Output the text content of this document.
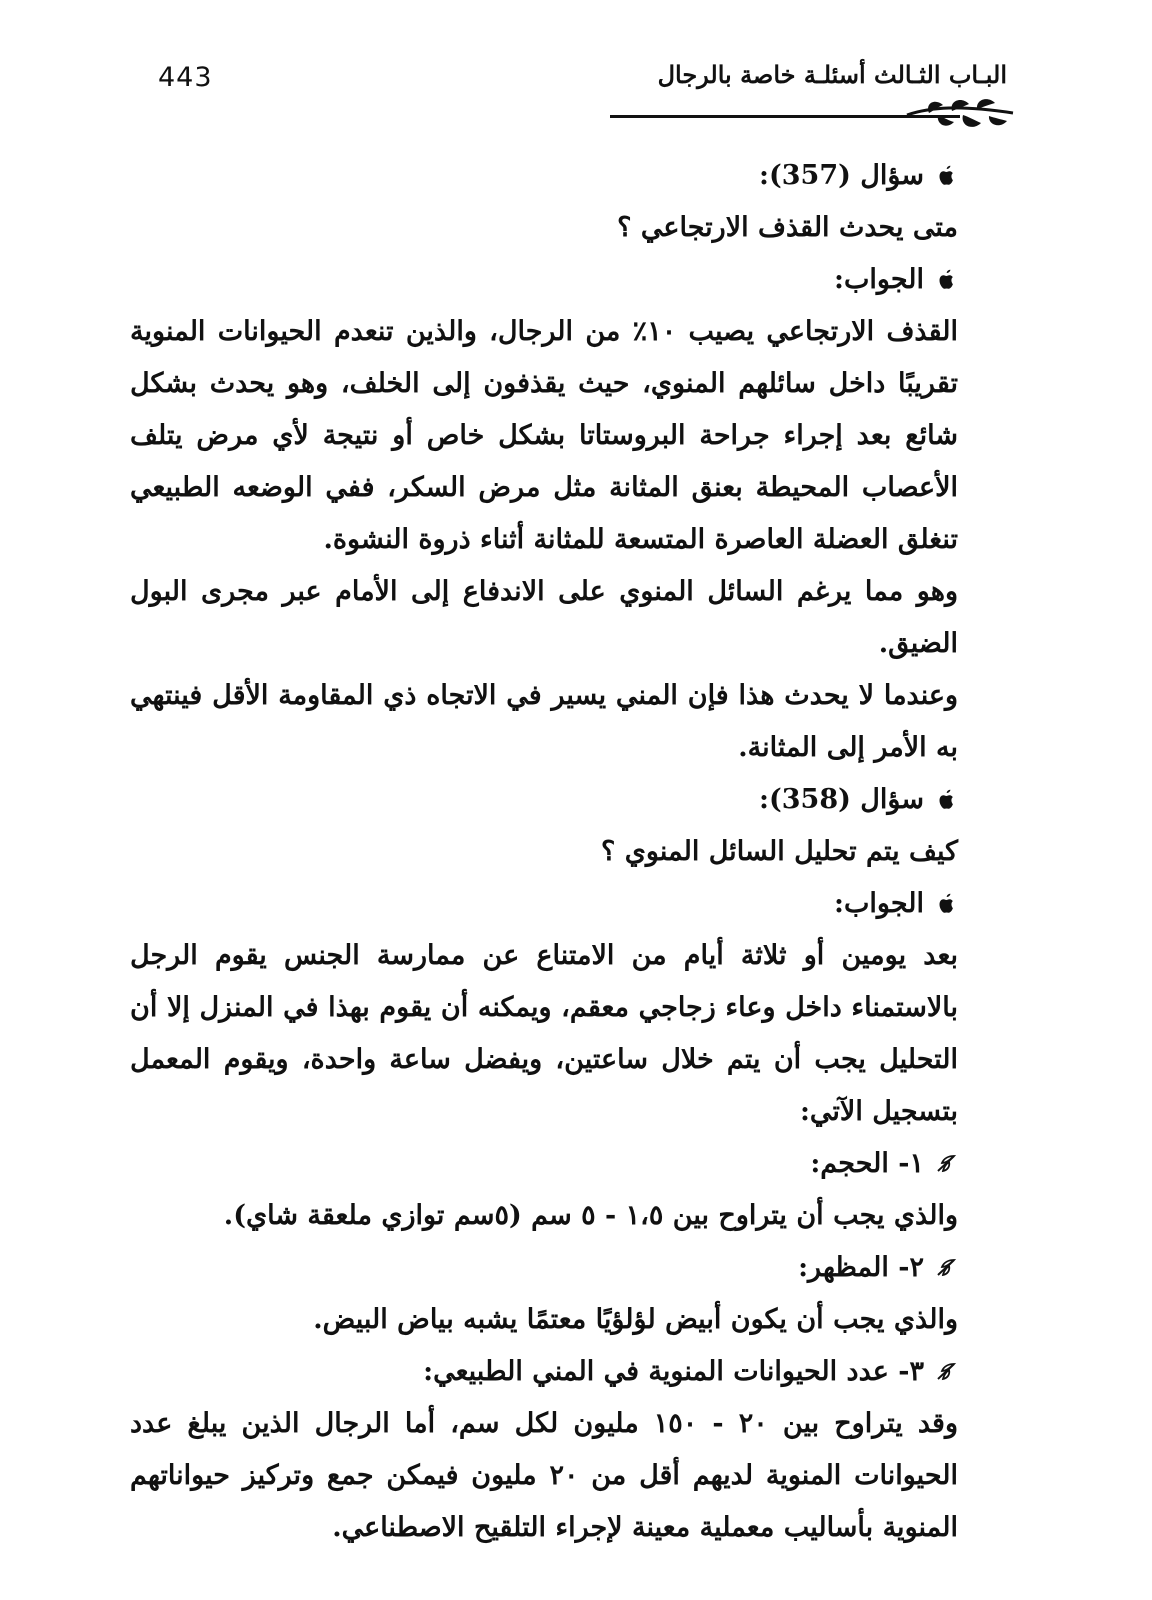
443	البـاب الثـالث أسئلـة خاصة بالرجال
سؤال (357):

متى يحدث القذف الارتجاعي ؟

الجواب:

القذف الارتجاعي يصيب ١٠٪ من الرجال، والذين تنعدم الحيوانات المنوية تقريبًا داخل سائلهم المنوي، حيث يقذفون إلى الخلف، وهو يحدث بشكل شائع بعد إجراء جراحة البروستاتا بشكل خاص أو نتيجة لأي مرض يتلف الأعصاب المحيطة بعنق المثانة مثل مرض السكر، ففي الوضعه الطبيعي تنغلق العضلة العاصرة المتسعة للمثانة أثناء ذروة النشوة.

وهو مما يرغم السائل المنوي على الاندفاع إلى الأمام عبر مجرى البول الضيق.

وعندما لا يحدث هذا فإن المني يسير في الاتجاه ذي المقاومة الأقل فينتهي به الأمر إلى المثانة.

سؤال (358):

كيف يتم تحليل السائل المنوي ؟

الجواب:

بعد يومين أو ثلاثة أيام من الامتناع عن ممارسة الجنس يقوم الرجل بالاستمناء داخل وعاء زجاجي معقم، ويمكنه أن يقوم بهذا في المنزل إلا أن التحليل يجب أن يتم خلال ساعتين، ويفضل ساعة واحدة، ويقوم المعمل بتسجيل الآتي:

١- الحجم:

والذي يجب أن يتراوح بين ١،٥ - ٥ سم (٥سم توازي ملعقة شاي).

٢- المظهر:

والذي يجب أن يكون أبيض لؤلؤيًا معتمًا يشبه بياض البيض.

٣- عدد الحيوانات المنوية في المني الطبيعي:

وقد يتراوح بين ٢٠ - ١٥٠ مليون لكل سم، أما الرجال الذين يبلغ عدد الحيوانات المنوية لديهم أقل من ٢٠ مليون فيمكن جمع وتركيز حيواناتهم المنوية بأساليب معملية معينة لإجراء التلقيح الاصطناعي.
